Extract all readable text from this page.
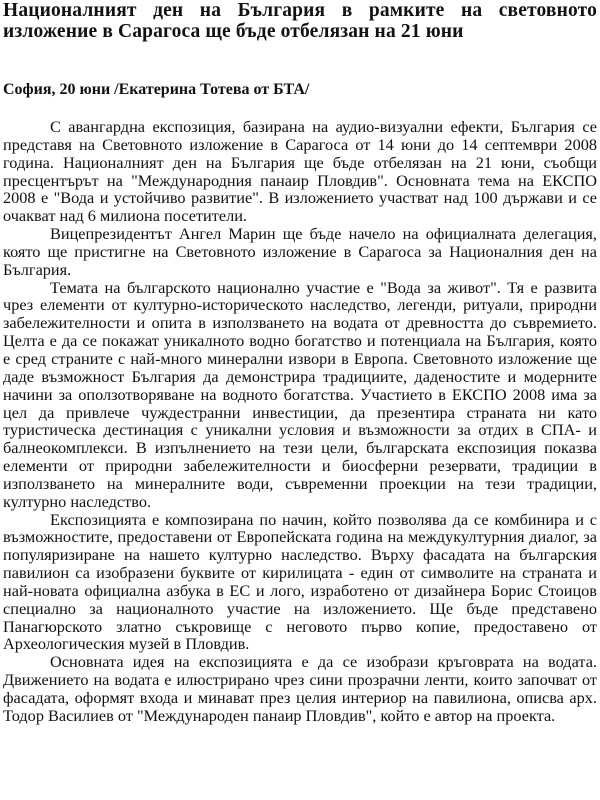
Националният ден на България в рамките на световното изложение в Сарагоса ще бъде отбелязан на 21 юни
София, 20 юни /Екатерина Тотева от БТА/

С авангардна експозиция, базирана на аудио-визуални ефекти, България се представя на Световното изложение в Сарагоса от 14 юни до 14 септември 2008 година. Националният ден на България ще бъде отбелязан на 21 юни, съобщи пресцентърът на "Международния панаир Пловдив". Основната тема на ЕКСПО 2008 е "Вода и устойчиво развитие". В изложението участват над 100 държави и се очакват над 6 милиона посетители.

Вицепрезидентът Ангел Марин ще бъде начело на официалната делегация, която ще пристигне на Световното изложение в Сарагоса за Националния ден на България.

Темата на българското национално участие е "Вода за живот". Тя е развита чрез елементи от културно-историческото наследство, легенди, ритуали, природни забележителности и опита в използването на водата от древността до съвремието. Целта е да се покажат уникалното водно богатство и потенциала на България, която е сред страните с най-много минерални извори в Европа. Световното изложение ще даде възможност България да демонстрира традициите, даденостите и модерните начини за оползотворяване на водното богатства. Участието в ЕКСПО 2008 има за цел да привлече чуждестранни инвестиции, да презентира страната ни като туристическа дестинация с уникални условия и възможности за отдих в СПА- и балнеокомплекси. В изпълнението на тези цели, българската експозиция показва елементи от природни забележителности и биосферни резервати, традиции в използването на минералните води, съвременни проекции на тези традиции, културно наследство.

Експозицията е композирана по начин, който позволява да се комбинира и с възможностите, предоставени от Европейската година на междукултурния диалог, за популяризиране на нашето културно наследство. Върху фасадата на българския павилион са изобразени буквите от кирилицата - един от символите на страната и най-новата официална азбука в ЕС и лого, изработено от дизайнера Борис Стоицов специално за националното участие на изложението. Ще бъде представено Панагюрското златно съкровище с неговото първо копие, предоставено от Археологическия музей в Пловдив.

Основната идея на експозицията е да се изобрази кръговрата на водата. Движението на водата е илюстрирано чрез сини прозрачни ленти, които започват от фасадата, оформят входа и минават през целия интериор на павилиона, описва арх. Тодор Василиев от "Международен панаир Пловдив", който е автор на проекта.
